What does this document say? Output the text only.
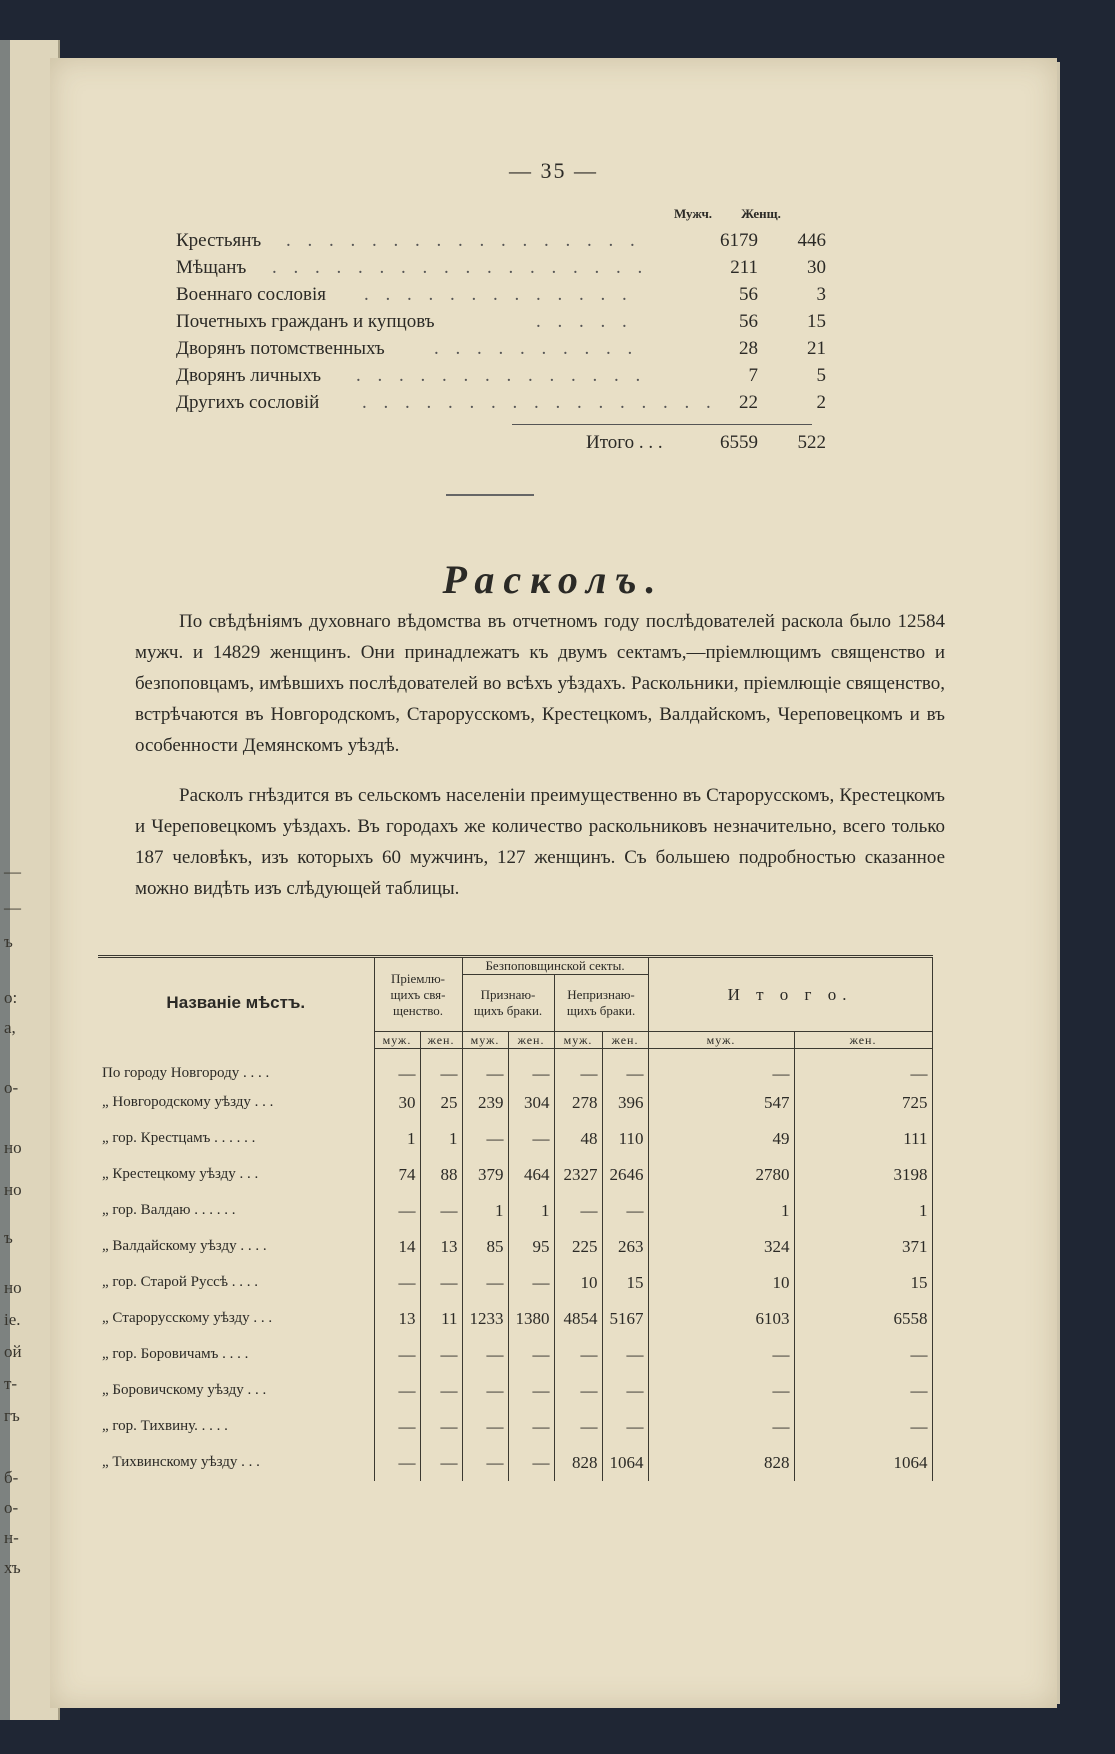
—
—
ъ
о:
а,
о-
но
но
ъ
но
іе.
ой
т-
гъ
б-
о-
н-
хъ
— 35 —
Мужч.	Женщ.
Крестьянъ . . . . . . . . . . . . . . . . .	6179	446
Мѣщанъ . . . . . . . . . . . . . . . . . .	211	30
Военнаго сословія . . . . . . . . . . . . .	56	3
Почетныхъ гражданъ и купцовъ	. . . . .	56	15
Дворянъ потомственныхъ	. . . . . . . . . .	28	21
Дворянъ личныхъ . . . . . . . . . . . . . .	7	5
Другихъ сословій . . . . . . . . . . . . . . . . .	22	2
Итого . . .	6559	522
Расколъ.

По свѣдѣніямъ духовнаго вѣдомства въ отчетномъ году послѣдователей раскола было 12584 мужч. и 14829 женщинъ. Они принадлежатъ къ двумъ сектамъ,—пріемлющимъ священство и безпоповцамъ, имѣвшихъ послѣдователей во всѣхъ уѣздахъ. Раскольники, пріемлющіе священство, встрѣчаются въ Новгородскомъ, Старорусскомъ, Крестецкомъ, Валдайскомъ, Череповецкомъ и въ особенности Демянскомъ уѣздѣ.

Расколъ гнѣздится въ сельскомъ населеніи преимущественно въ Старорусскомъ, Крестецкомъ и Череповецкомъ уѣздахъ. Въ городахъ же количество раскольниковъ незначительно, всего только 187 человѣкъ, изъ которыхъ 60 мужчинъ, 127 женщинъ. Съ большею подробностью сказанное можно видѣть изъ слѣдующей таблицы.

Названіе мѣстъ.	Пріемлю-щихъ свя-щенство.		Безпоповщинской секты.				И т о г о.	
			Признаю-щихъ браки.		Непризнаю-щихъ браки.			
	муж.	жен.	муж.	жен.	муж.	жен.	муж.	жен.
По городу Новгороду . . . .	—	—	—	—	—	—	—	—
„ Новгородскому уѣзду . . .	30	25	239	304	278	396	547	725
„ гор. Крестцамъ . . . . . .	1	1	—	—	48	110	49	111
„ Крестецкому уѣзду . . .	74	88	379	464	2327	2646	2780	3198
„ гор. Валдаю . . . . . .	—	—	1	1	—	—	1	1
„ Валдайскому уѣзду . . . .	14	13	85	95	225	263	324	371
„ гор. Старой Руссѣ . . . .	—	—	—	—	10	15	10	15
„ Старорусскому уѣзду . . .	13	11	1233	1380	4854	5167	6103	6558
„ гор. Боровичамъ . . . .	—	—	—	—	—	—	—	—
„ Боровичскому уѣзду . . .	—	—	—	—	—	—	—	—
„ гор. Тихвину. . . . .	—	—	—	—	—	—	—	—
„ Тихвинскому уѣзду . . .	—	—	—	—	828	1064	828	1064
